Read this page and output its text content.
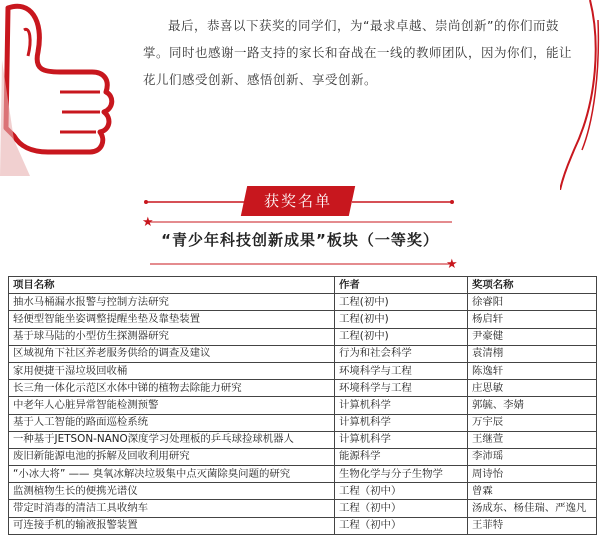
最后，恭喜以下获奖的同学们，为“最求卓越、崇尚创新”的你们而鼓掌。同时也感谢一路支持的家长和奋战在一线的教师团队，因为你们，能让花儿们感受创新、感悟创新、享受创新。
获奖名单
★
★
“青少年科技创新成果”板块（一等奖）
项目名称	作者	奖项名称
抽水马桶漏水报警与控制方法研究	工程(初中)	徐睿阳
轻便型智能坐姿调整提醒坐垫及靠垫装置	工程(初中)	杨启轩
基于球马陆的小型仿生探测器研究	工程(初中)	尹豪健
区域视角下社区养老服务供给的调查及建议	行为和社会科学	袁清栩
家用便捷干湿垃圾回收桶	环境科学与工程	陈逸轩
长三角一体化示范区水体中锑的植物去除能力研究	环境科学与工程	庄思敏
中老年人心脏异常智能检测预警	计算机科学	郭毓、李婧
基于人工智能的路面巡检系统	计算机科学	万宇辰
一种基于JETSON-NANO深度学习处理板的乒乓球捡球机器人	计算机科学	王继萱
废旧新能源电池的拆解及回收利用研究	能源科学	李沛瑶
“小冰大将” —— 臭氧冰解决垃圾集中点灭菌除臭问题的研究	生物化学与分子生物学	周诗怡
监测植物生长的便携光谱仪	工程（初中）	曾霖
带定时消毒的清洁工具收纳车	工程（初中）	汤成东、杨佳瑞、严逸凡
可连接手机的输液报警装置	工程（初中）	王菲特
